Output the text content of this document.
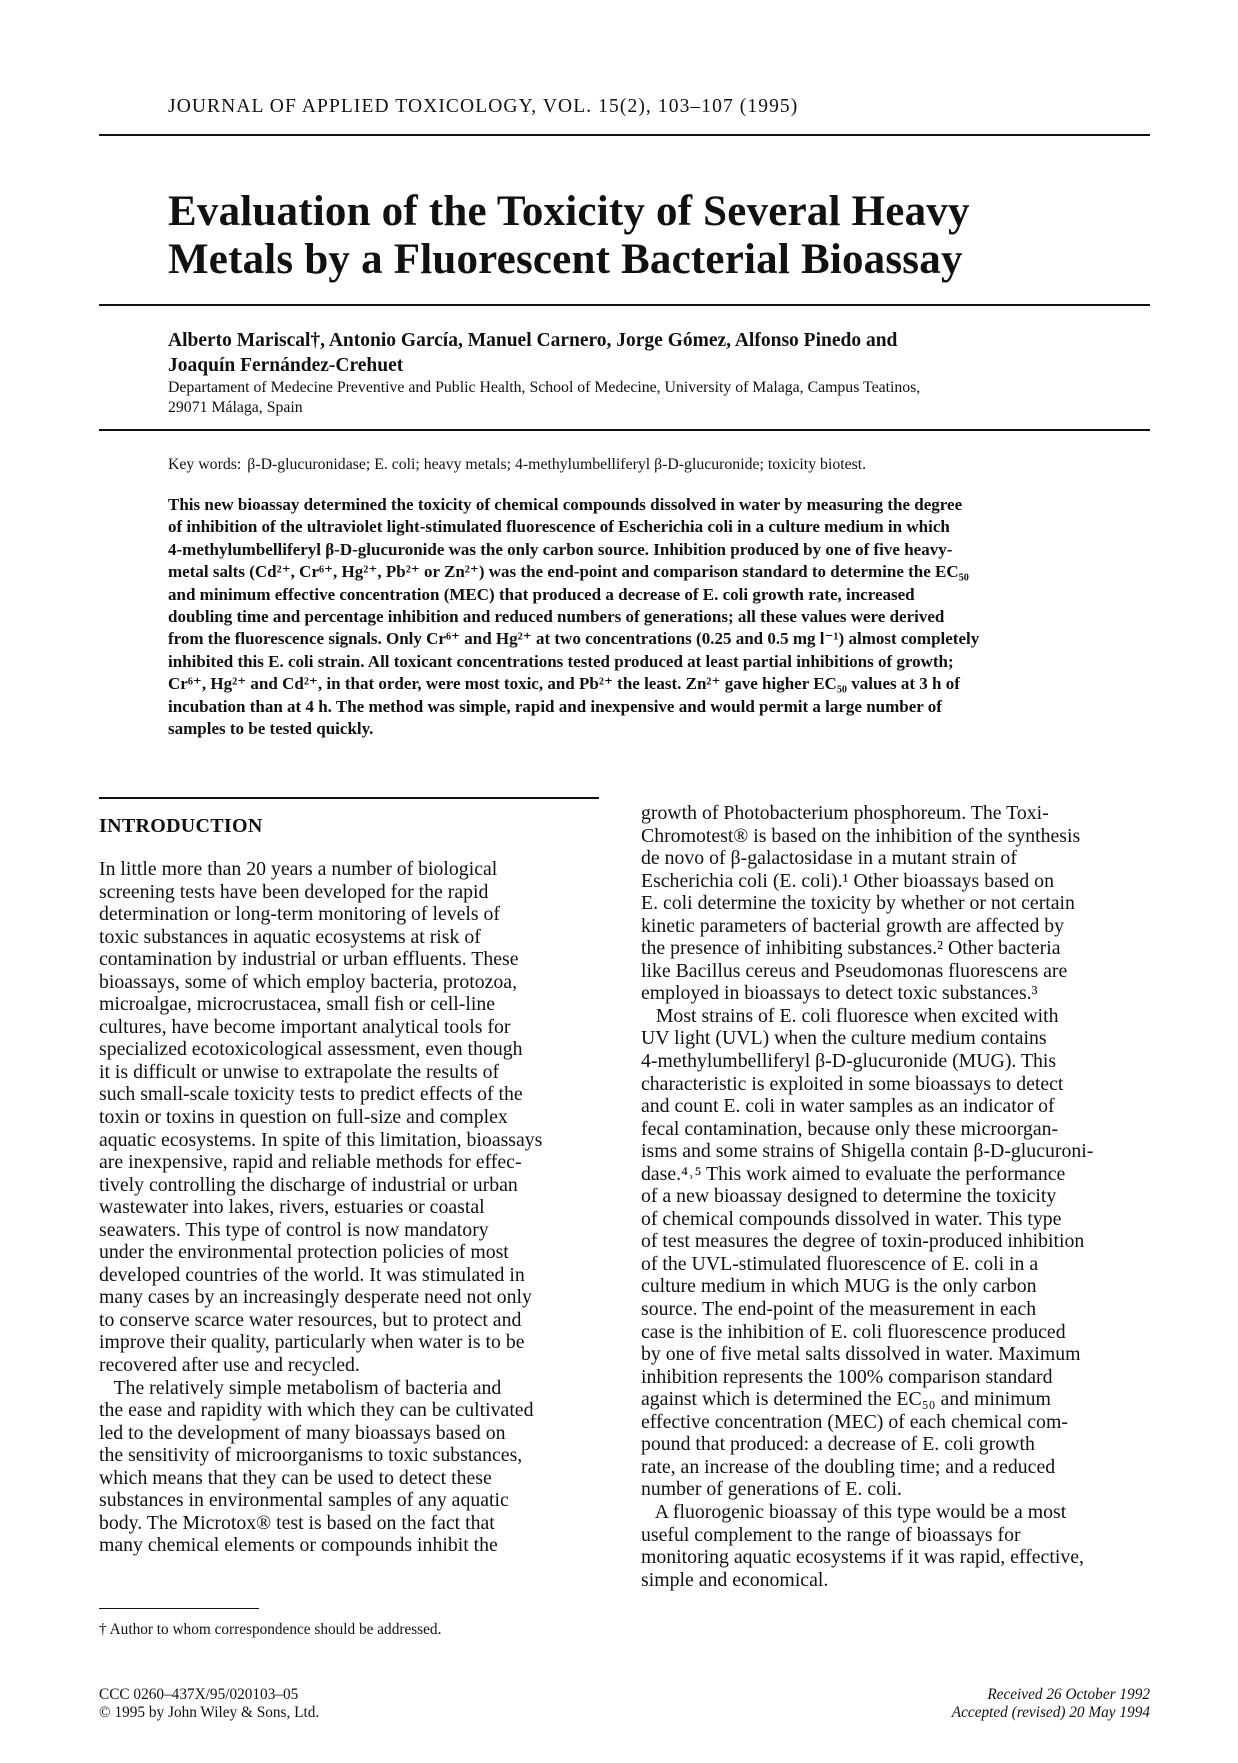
JOURNAL OF APPLIED TOXICOLOGY, VOL. 15(2), 103–107 (1995)
Evaluation of the Toxicity of Several Heavy
Metals by a Fluorescent Bacterial Bioassay
Alberto Mariscal†, Antonio García, Manuel Carnero, Jorge Gómez, Alfonso Pinedo and
Joaquín Fernández-Crehuet
Departament of Medecine Preventive and Public Health, School of Medecine, University of Malaga, Campus Teatinos,
29071 Málaga, Spain
Key words: β-D-glucuronidase; E. coli; heavy metals; 4-methylumbelliferyl β-D-glucuronide; toxicity biotest.
This new bioassay determined the toxicity of chemical compounds dissolved in water by measuring the degree
of inhibition of the ultraviolet light-stimulated fluorescence of Escherichia coli in a culture medium in which
4-methylumbelliferyl β-D-glucuronide was the only carbon source. Inhibition produced by one of five heavy-
metal salts (Cd²⁺, Cr⁶⁺, Hg²⁺, Pb²⁺ or Zn²⁺) was the end-point and comparison standard to determine the EC₅₀
and minimum effective concentration (MEC) that produced a decrease of E. coli growth rate, increased
doubling time and percentage inhibition and reduced numbers of generations; all these values were derived
from the fluorescence signals. Only Cr⁶⁺ and Hg²⁺ at two concentrations (0.25 and 0.5 mg l⁻¹) almost completely
inhibited this E. coli strain. All toxicant concentrations tested produced at least partial inhibitions of growth;
Cr⁶⁺, Hg²⁺ and Cd²⁺, in that order, were most toxic, and Pb²⁺ the least. Zn²⁺ gave higher EC₅₀ values at 3 h of
incubation than at 4 h. The method was simple, rapid and inexpensive and would permit a large number of
samples to be tested quickly.
INTRODUCTION
In little more than 20 years a number of biological
screening tests have been developed for the rapid
determination or long-term monitoring of levels of
toxic substances in aquatic ecosystems at risk of
contamination by industrial or urban effluents. These
bioassays, some of which employ bacteria, protozoa,
microalgae, microcrustacea, small fish or cell-line
cultures, have become important analytical tools for
specialized ecotoxicological assessment, even though
it is difficult or unwise to extrapolate the results of
such small-scale toxicity tests to predict effects of the
toxin or toxins in question on full-size and complex
aquatic ecosystems. In spite of this limitation, bioassays
are inexpensive, rapid and reliable methods for effec-
tively controlling the discharge of industrial or urban
wastewater into lakes, rivers, estuaries or coastal
seawaters. This type of control is now mandatory
under the environmental protection policies of most
developed countries of the world. It was stimulated in
many cases by an increasingly desperate need not only
to conserve scarce water resources, but to protect and
improve their quality, particularly when water is to be
recovered after use and recycled.
The relatively simple metabolism of bacteria and
the ease and rapidity with which they can be cultivated
led to the development of many bioassays based on
the sensitivity of microorganisms to toxic substances,
which means that they can be used to detect these
substances in environmental samples of any aquatic
body. The Microtox® test is based on the fact that
many chemical elements or compounds inhibit the
growth of Photobacterium phosphoreum. The Toxi-
Chromotest® is based on the inhibition of the synthesis
de novo of β-galactosidase in a mutant strain of
Escherichia coli (E. coli).¹ Other bioassays based on
E. coli determine the toxicity by whether or not certain
kinetic parameters of bacterial growth are affected by
the presence of inhibiting substances.² Other bacteria
like Bacillus cereus and Pseudomonas fluorescens are
employed in bioassays to detect toxic substances.³
Most strains of E. coli fluoresce when excited with
UV light (UVL) when the culture medium contains
4-methylumbelliferyl β-D-glucuronide (MUG). This
characteristic is exploited in some bioassays to detect
and count E. coli in water samples as an indicator of
fecal contamination, because only these microorgan-
isms and some strains of Shigella contain β-D-glucuroni-
dase.⁴˒⁵ This work aimed to evaluate the performance
of a new bioassay designed to determine the toxicity
of chemical compounds dissolved in water. This type
of test measures the degree of toxin-produced inhibition
of the UVL-stimulated fluorescence of E. coli in a
culture medium in which MUG is the only carbon
source. The end-point of the measurement in each
case is the inhibition of E. coli fluorescence produced
by one of five metal salts dissolved in water. Maximum
inhibition represents the 100% comparison standard
against which is determined the EC₅₀ and minimum
effective concentration (MEC) of each chemical com-
pound that produced: a decrease of E. coli growth
rate, an increase of the doubling time; and a reduced
number of generations of E. coli.
A fluorogenic bioassay of this type would be a most
useful complement to the range of bioassays for
monitoring aquatic ecosystems if it was rapid, effective,
simple and economical.
† Author to whom correspondence should be addressed.
CCC 0260–437X/95/020103–05
© 1995 by John Wiley & Sons, Ltd.
Received 26 October 1992
Accepted (revised) 20 May 1994
